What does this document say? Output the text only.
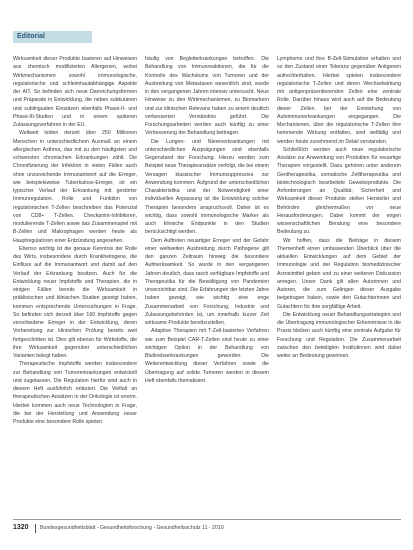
Editorial

Wirksamkeit dieser Produkte basieren auf Hinweisen aus chemisch modifizierten Allergenen, wobei Wirkmechanismen sowohl immunologische, regulatorische und schleimhautabhängige Aspekte der AIT. So befinden sich neue Darreichungsformen und Präparate in Entwicklung, die neben subkutanen und sublingualen Einsätzen ebenfalls Phase-II- und Phase-III-Studien und in einem späteren Zulassungsverfahren in der EU.

Weltweit leiden derzeit über 250 Millionen Menschen in unterschiedlichem Ausmaß an einem allergischen Asthma, das mit zu den häufigsten und schwersten chronischen Erkrankungen zählt. Die Chronifizierung der Infektion in vielen Fällen auch ohne unzureichende Immunantwort auf die Erreger, wie beispielsweise Tuberkulose-Erreger, ist ein typischer Verlauf der Erkrankung mit gestörter Immunregulation. Rolle und Funktion von regulatorischen T-Zellen beschreiben das Potenzial von CD8+ T-Zellen. Checkpoint-Inhibitoren, modulierende T-Zellen sowie das Zusammenspiel mit B-Zellen und Makrophagen werden heute als Hauptregulatoren einer Entzündung angesehen.

Ebenso wichtig ist die genaue Kenntnis der Rolle des Wirts, insbesondere durch Krankheitsgene, die Einfluss auf die Immunantwort und damit auf den Verlauf der Erkrankung besitzen. Auch für die Entwicklung neuer Impfstoffe und Therapien, die in einigen Fällen bereits die Wirksamkeit in präklinischen und klinischen Studien gezeigt haben, kommen entsprechende Untersuchungen in Frage. So befinden sich derzeit über 160 Impfstoffe gegen verschiedene Erreger in der Entwicklung, deren Vorbereitung zur klinischen Prüfung bereits weit fortgeschritten ist. Dies gilt ebenso für Wirkstoffe, die ihre Wirksamkeit gegenüber unterschiedlichen Varianten belegt haben.

Therapeutische Impfstoffe werden insbesondere zur Behandlung von Tumorerkrankungen entwickelt und zugelassen. Die Regulation hierfür wird auch in diesem Heft ausführlich erläutert. Die Vielfalt an therapeutischen Ansätzen in der Onkologie ist enorm. Hierbei kommen auch neue Technologien in Frage, die bei der Herstellung und Anwendung neuer Produkte eine besondere Rolle spielen.

häufig von Begleiterkrankungen betroffen. Die Behandlung von Immunreaktionen, die für die Kontrolle des Wachstums von Tumoren und der Ausbreitung von Metastasen wesentlich sind, wurde in den vergangenen Jahren intensiv untersucht. Neue Hinweise zu den Wirkmechanismen, zu Biomarkern und zur klinischen Relevanz haben zu einem deutlich verbesserten Verständnis geführt. Die Forschungsarbeiten werden auch künftig zu einer Verbesserung der Behandlung beitragen.

Die Lungen- und Nierenerkrankungen mit unterschiedlichen Ausprägungen sind ebenfalls Gegenstand der Forschung. Hierzu werden zum Beispiel neue Therapieansätze verfolgt, die bei einem Versagen klassischer Immunsuppressiva zur Anwendung kommen. Aufgrund der unterschiedlichen Charakteristika und der Notwendigkeit einer individuellen Anpassung ist die Entwicklung solcher Therapien besonders anspruchsvoll. Daher ist es wichtig, dass sowohl immunologische Marker als auch klinische Endpunkte in den Studien berücksichtigt werden.

Dem Auftreten neuartiger Erreger und der Gefahr einer weltweiten Ausbreitung durch Pathogene gilt den ganzen Zeitraum hinweg die besondere Aufmerksamkeit. So wurde in den vergangenen Jahren deutlich, dass rasch verfügbare Impfstoffe und Therapeutika für die Bewältigung von Pandemien unverzichtbar sind. Die Erfahrungen der letzten Jahre haben gezeigt, wie wichtig eine enge Zusammenarbeit von Forschung, Industrie und Zulassungsbehörden ist, um innerhalb kurzer Zeit wirksame Produkte bereitzustellen.

Adaptive Therapien mit T-Zell-basierten Verfahren wie zum Beispiel CAR-T-Zellen sind heute zu einer wichtigen Option in der Behandlung von Blutkrebserkrankungen geworden. Die Weiterentwicklung dieser Verfahren sowie die Übertragung auf solide Tumoren werden in diesem Heft ebenfalls thematisiert.

Lymphome und ihre B-Zell-Stimulation erhalten und so den Zustand einer Toleranz gegenüber Antigenen aufrechterhalten. Hierbei spielen insbesondere regulatorische T-Zellen und deren Wechselwirkung mit antigenpräsentierenden Zellen eine zentrale Rolle. Darüber hinaus wird auch auf die Bedeutung dieser Zellen bei der Entstehung von Autoimmunerkrankungen eingegangen. Die Mechanismen, über die regulatorische T-Zellen ihre hemmende Wirkung entfalten, sind vielfältig und werden heute zunehmend im Detail verstanden.

Schließlich werden auch neue regulatorische Ansätze zur Anwendung von Produkten für neuartige Therapien vorgestellt. Dazu gehören unter anderem Gentherapeutika, somatische Zelltherapeutika und biotechnologisch bearbeitete Gewebeprodukte. Die Anforderungen an Qualität, Sicherheit und Wirksamkeit dieser Produkte stellen Hersteller und Behörden gleichermaßen vor neue Herausforderungen. Dabei kommt der engen wissenschaftlichen Beratung eine besondere Bedeutung zu.

Wir hoffen, dass die Beiträge in diesem Themenheft einen umfassenden Überblick über die aktuellen Entwicklungen auf dem Gebiet der Immunologie und der Regulation biomedizinischer Arzneimittel geben und zu einer weiteren Diskussion anregen. Unser Dank gilt allen Autorinnen und Autoren, die zum Gelingen dieser Ausgabe beigetragen haben, sowie den Gutachterinnen und Gutachtern für ihre sorgfältige Arbeit.

Die Entwicklung neuer Behandlungsstrategien und die Übertragung immunologischer Erkenntnisse in die Praxis bleiben auch künftig eine zentrale Aufgabe für Forschung und Regulation. Die Zusammenarbeit zwischen den beteiligten Institutionen wird dabei weiter an Bedeutung gewinnen.

1320 Bundesgesundheitsblatt - Gesundheitsforschung - Gesundheitsschutz 11 · 2010
